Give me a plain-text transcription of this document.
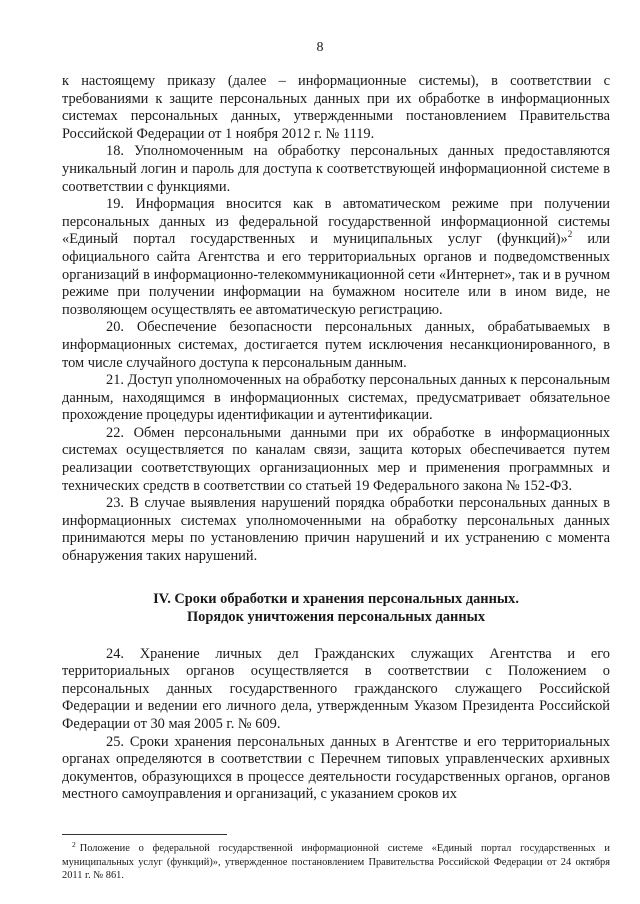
8

к настоящему приказу (далее – информационные системы), в соответствии с требованиями к защите персональных данных при их обработке в информационных системах персональных данных, утвержденными постановлением Правительства Российской Федерации от 1 ноября 2012 г. № 1119.

18. Уполномоченным на обработку персональных данных предоставляются уникальный логин и пароль для доступа к соответствующей информационной системе в соответствии с функциями.

19. Информация вносится как в автоматическом режиме при получении персональных данных из федеральной государственной информационной системы «Единый портал государственных и муниципальных услуг (функций)»$^2$ или официального сайта Агентства и его территориальных органов и подведомственных организаций в информационно-телекоммуникационной сети «Интернет», так и в ручном режиме при получении информации на бумажном носителе или в ином виде, не позволяющем осуществлять ее автоматическую регистрацию.

20. Обеспечение безопасности персональных данных, обрабатываемых в информационных системах, достигается путем исключения несанкционированного, в том числе случайного доступа к персональным данным.

21. Доступ уполномоченных на обработку персональных данных к персональным данным, находящимся в информационных системах, предусматривает обязательное прохождение процедуры идентификации и аутентификации.

22. Обмен персональными данными при их обработке в информационных системах осуществляется по каналам связи, защита которых обеспечивается путем реализации соответствующих организационных мер и применения программных и технических средств в соответствии со статьей 19 Федерального закона № 152-ФЗ.

23. В случае выявления нарушений порядка обработки персональных данных в информационных системах уполномоченными на обработку персональных данных принимаются меры по установлению причин нарушений и их устранению с момента обнаружения таких нарушений.

IV. Сроки обработки и хранения персональных данных.
Порядок уничтожения персональных данных

24. Хранение личных дел Гражданских служащих Агентства и его территориальных органов осуществляется в соответствии с Положением о персональных данных государственного гражданского служащего Российской Федерации и ведении его личного дела, утвержденным Указом Президента Российской Федерации от 30 мая 2005 г. № 609.

25. Сроки хранения персональных данных в Агентстве и его территориальных органах определяются в соответствии с Перечнем типовых управленческих архивных документов, образующихся в процессе деятельности государственных органов, органов местного самоуправления и организаций, с указанием сроков их

$^2$ Положение о федеральной государственной информационной системе «Единый портал государственных и муниципальных услуг (функций)», утвержденное постановлением Правительства Российской Федерации от 24 октября 2011 г. № 861.
